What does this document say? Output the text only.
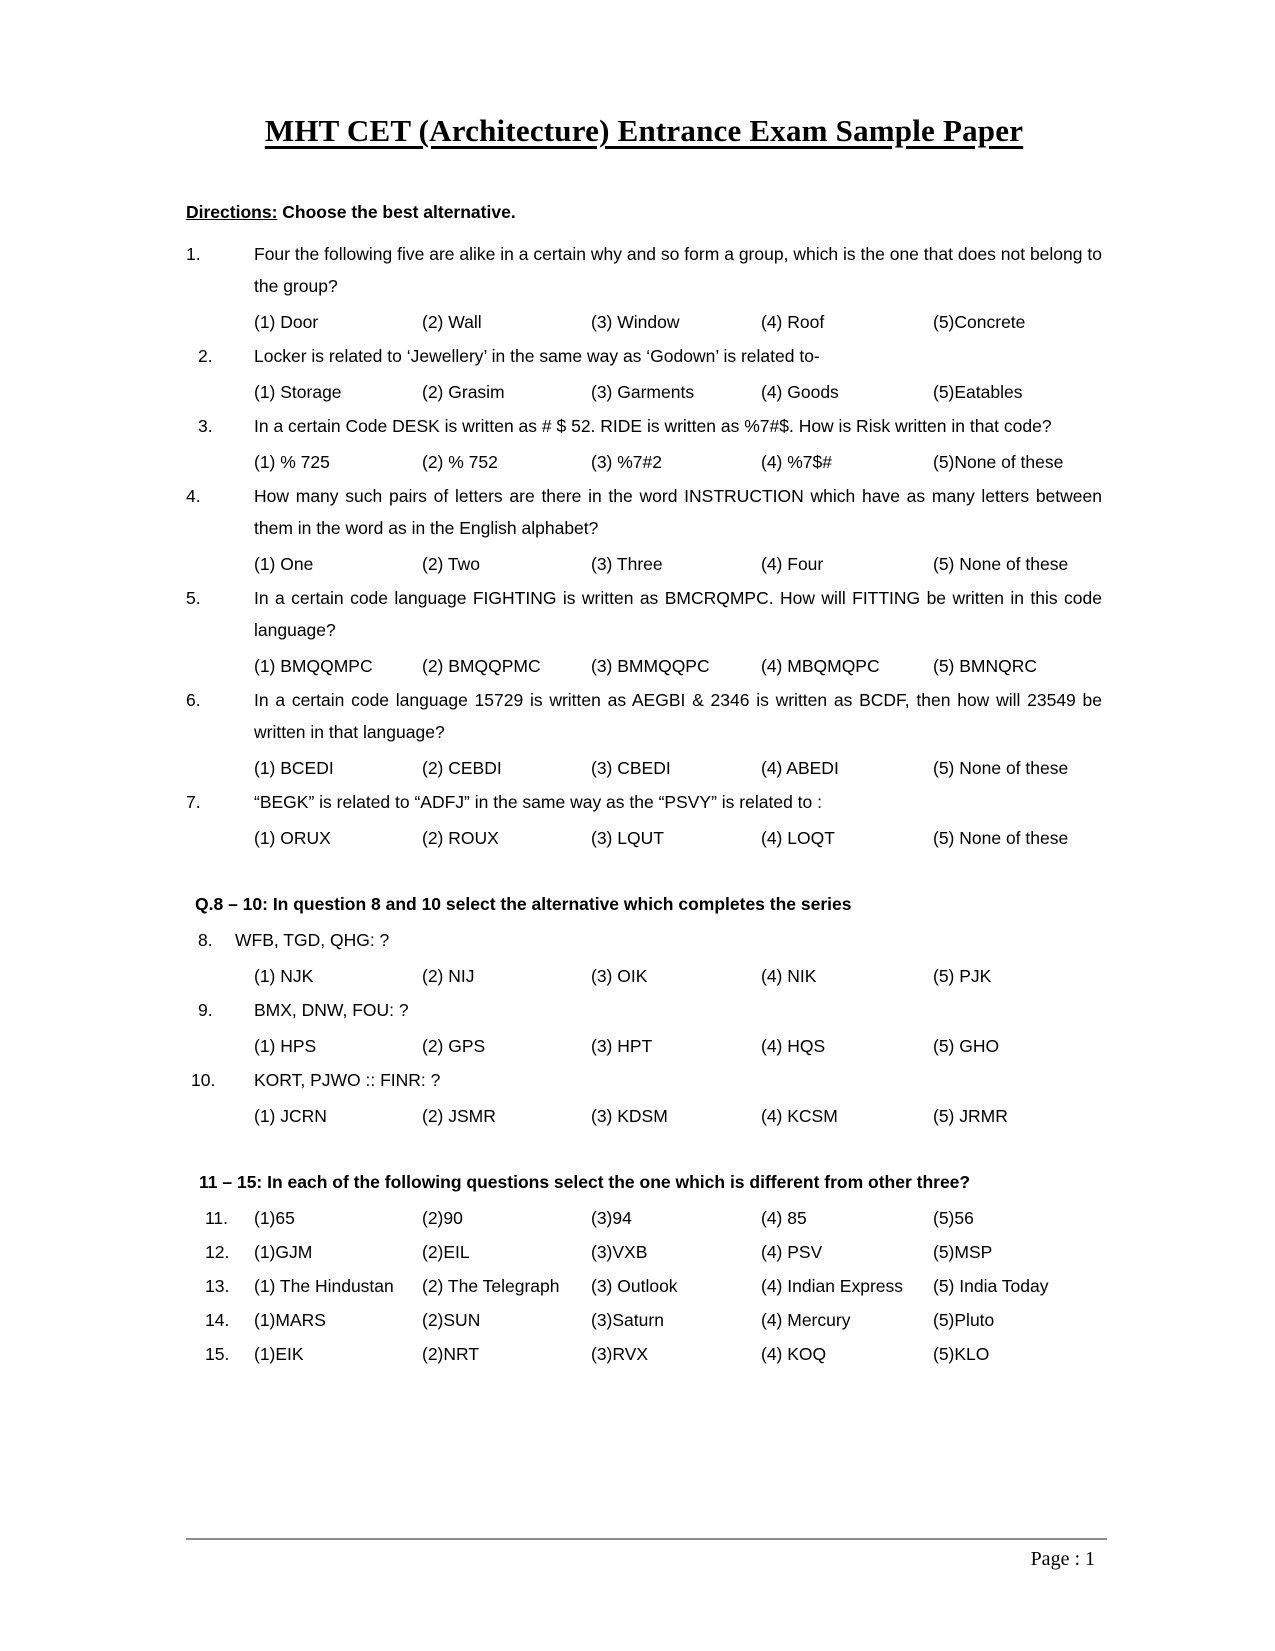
MHT CET (Architecture) Entrance Exam Sample Paper
Directions: Choose the best alternative.
1.	Four the following five are alike in a certain why and so form a group, which is the one that does not belong to the group?
(1) Door	(2) Wall	(3) Window	(4) Roof	(5)Concrete
2.	Locker is related to ‘Jewellery’ in the same way as ‘Godown’ is related to-
(1) Storage	(2) Grasim	(3) Garments	(4) Goods	(5)Eatables
3.	In a certain Code DESK is written as # $ 52. RIDE is written as %7#$. How is Risk written in that code?
(1) % 725	(2) % 752	(3) %7#2	(4) %7$#	(5)None of these
4.	How many such pairs of letters are there in the word INSTRUCTION which have as many letters between them in the word as in the English alphabet?
(1) One	(2) Two	(3) Three	(4) Four	(5) None of these
5.	In a certain code language FIGHTING is written as BMCRQMPC. How will FITTING be written in this code language?
(1) BMQQMPC	(2) BMQQPMC	(3) BMMQQPC	(4) MBQMQPC	(5) BMNQRC
6.	In a certain code language 15729 is written as AEGBI & 2346 is written as BCDF, then how will 23549 be written in that language?
(1) BCEDI	(2) CEBDI	(3) CBEDI	(4) ABEDI	(5) None of these
7.	“BEGK” is related to “ADFJ” in the same way as the “PSVY” is related to :
(1) ORUX	(2) ROUX	(3) LQUT	(4) LOQT	(5) None of these
Q.8 – 10: In question 8 and 10 select the alternative which completes the series
8.	WFB, TGD, QHG: ?
(1) NJK	(2) NIJ	(3) OIK	(4) NIK	(5) PJK
9.	BMX, DNW, FOU: ?
(1) HPS	(2) GPS	(3) HPT	(4) HQS	(5) GHO
10.	KORT, PJWO :: FINR: ?
(1) JCRN	(2) JSMR	(3) KDSM	(4) KCSM	(5) JRMR
11 – 15: In each of the following questions select the one which is different from other three?
11.	(1)65	(2)90	(3)94	(4) 85	(5)56
12.	(1)GJM	(2)EIL	(3)VXB	(4) PSV	(5)MSP
13.	(1) The Hindustan	(2) The Telegraph	(3) Outlook	(4) Indian Express	(5) India Today
14.	(1)MARS	(2)SUN	(3)Saturn	(4) Mercury	(5)Pluto
15.	(1)EIK	(2)NRT	(3)RVX	(4) KOQ	(5)KLO
Page : 1
